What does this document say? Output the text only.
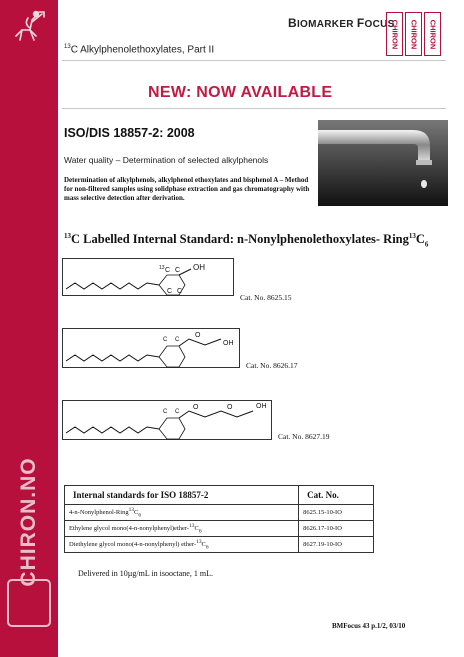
CHIRON.NO
BIOMARKER FOCUS
CHIRON CHIRON CHIRON
$^{13}$C Alkylphenolethoxylates, Part II
NEW: NOW AVAILABLE
ISO/DIS 18857-2: 2008
Water quality – Determination of selected alkylphenols
Determination of alkylphenols, alkylphenol ethoxylates and bisphenol A – Method for non-filtered samples using solidphase extraction and gas chromatography with mass selective detection after derivation.
$^{13}$C Labelled Internal Standard: n-Nonylphenolethoxylates- $Ring^{13}C_6$
13 C C
C C
OH
Cat. No. 8625.15
C C
O
OH
Cat. No. 8626.17
C C
O	O	OH
Cat. No. 8627.19
Internal standards for ISO 18857-2	Cat. No.
$4-n-Nonylphenol-Ring^{13}C_6$	8625.15-10-IO
Ethylene glycol $mono(4-n-nonylphenyl)ether-^{13}C_6$	8626.17-10-IO
Diethylene glycol mono(4-n-nonylphenyl) ether-$^{13}C_6$	8627.19-10-IO
Delivered in 10µg/mL in isooctane, 1 mL.
BMFocus 43 p.1/2, 03/10
